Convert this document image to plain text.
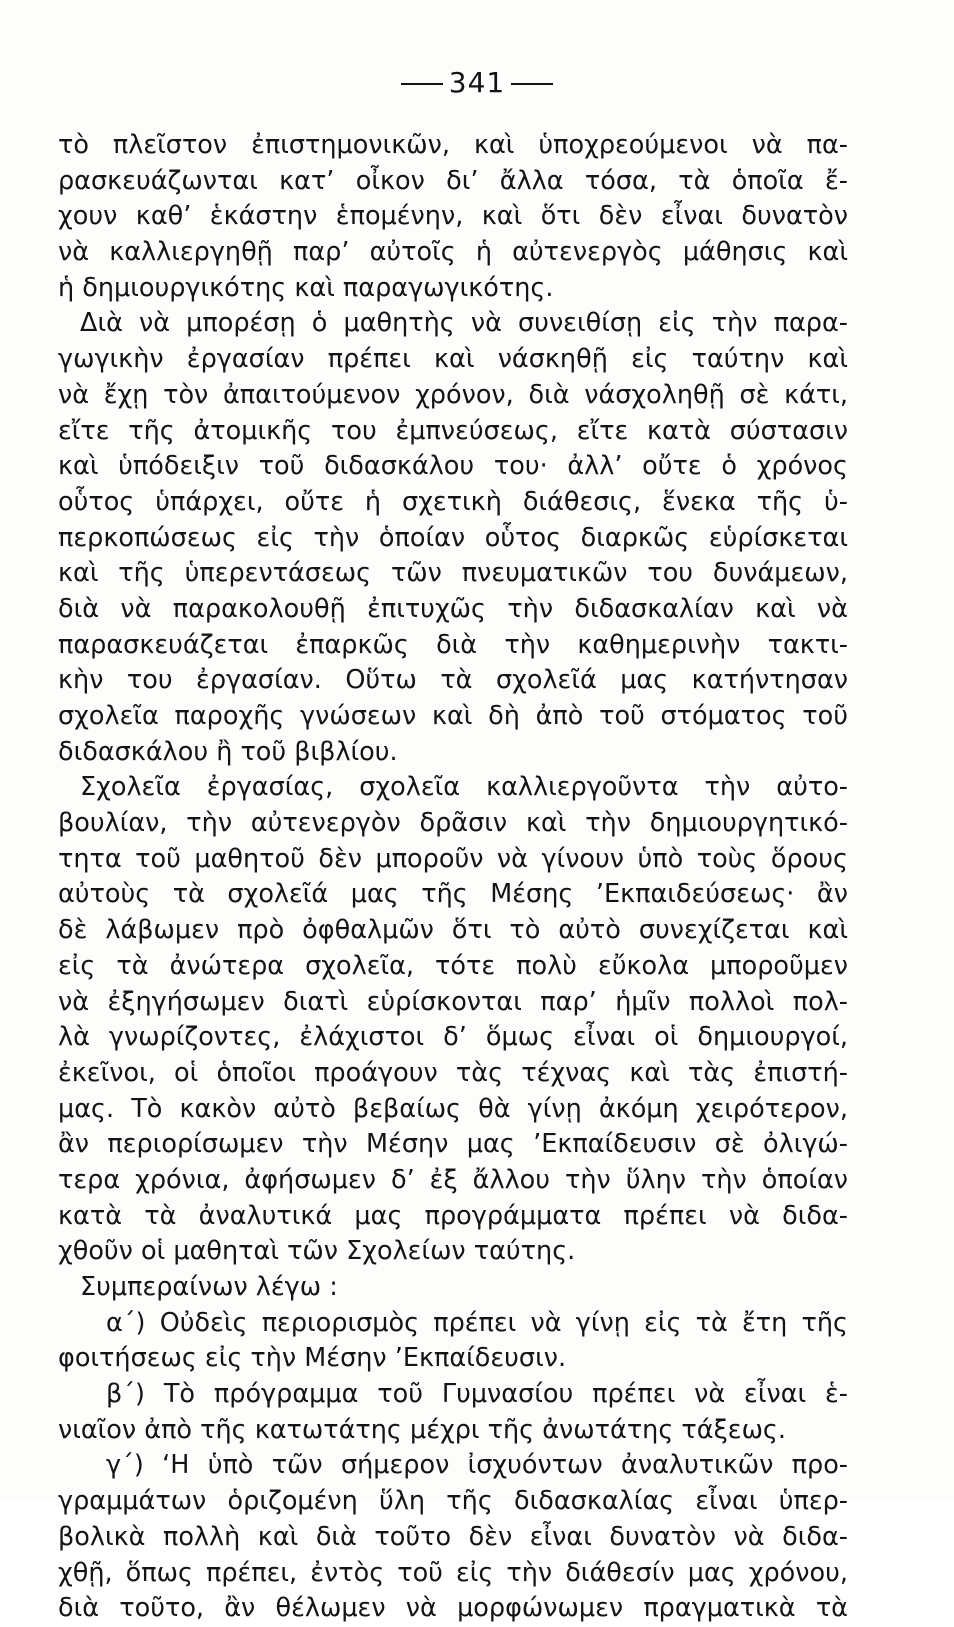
341
τὸ πλεῖστον ἐπιστημονικῶν, καὶ ὑποχρεούμενοι νὰ πα-
ρασκευάζωνται κατ’ οἶκον δι’ ἄλλα τόσα, τὰ ὁποῖα ἔ-
χουν καθ’ ἑκάστην ἑπομένην, καὶ ὅτι δὲν εἶναι δυνατὸν
νὰ καλλιεργηθῇ παρ’ αὐτοῖς ἡ αὐτενεργὸς μάθησις καὶ
ἡ δημιουργικότης καὶ παραγωγικότης.
Διὰ νὰ μπορέσῃ ὁ μαθητὴς νὰ συνειθίσῃ εἰς τὴν παρα-
γωγικὴν ἐργασίαν πρέπει καὶ νάσκηθῇ εἰς ταύτην καὶ
νὰ ἔχῃ τὸν ἀπαιτούμενον χρόνον, διὰ νάσχοληθῇ σὲ κάτι,
εἴτε τῆς ἀτομικῆς του ἐμπνεύσεως, εἴτε κατὰ σύστασιν
καὶ ὑπόδειξιν τοῦ διδασκάλου του· ἀλλ’ οὔτε ὁ χρόνος
οὗτος ὑπάρχει, οὔτε ἡ σχετικὴ διάθεσις, ἕνεκα τῆς ὑ-
περκοπώσεως εἰς τὴν ὁποίαν οὗτος διαρκῶς εὑρίσκεται
καὶ τῆς ὑπερεντάσεως τῶν πνευματικῶν του δυνάμεων,
διὰ νὰ παρακολουθῇ ἐπιτυχῶς τὴν διδασκαλίαν καὶ νὰ
παρασκευάζεται ἐπαρκῶς διὰ τὴν καθημερινὴν τακτι-
κὴν του ἐργασίαν. Οὕτω τὰ σχολεῖά μας κατήντησαν
σχολεῖα παροχῆς γνώσεων καὶ δὴ ἀπὸ τοῦ στόματος τοῦ
διδασκάλου ἢ τοῦ βιβλίου.
Σχολεῖα ἐργασίας, σχολεῖα καλλιεργοῦντα τὴν αὐτο-
βουλίαν, τὴν αὐτενεργὸν δρᾶσιν καὶ τὴν δημιουργητικό-
τητα τοῦ μαθητοῦ δὲν μποροῦν νὰ γίνουν ὑπὸ τοὺς ὅρους
αὐτοὺς τὰ σχολεῖά μας τῆς Μέσης ’Εκπαιδεύσεως· ἂν
δὲ λάβωμεν πρὸ ὀφθαλμῶν ὅτι τὸ αὐτὸ συνεχίζεται καὶ
εἰς τὰ ἀνώτερα σχολεῖα, τότε πολὺ εὔκολα μποροῦμεν
νὰ ἐξηγήσωμεν διατὶ εὑρίσκονται παρ’ ἡμῖν πολλοὶ πολ-
λὰ γνωρίζοντες, ἐλάχιστοι δ’ ὅμως εἶναι οἱ δημιουργοί,
ἐκεῖνοι, οἱ ὁποῖοι προάγουν τὰς τέχνας καὶ τὰς ἐπιστή-
μας. Τὸ κακὸν αὐτὸ βεβαίως θὰ γίνῃ ἀκόμη χειρότερον,
ἂν περιορίσωμεν τὴν Μέσην μας ’Εκπαίδευσιν σὲ ὀλιγώ-
τερα χρόνια, ἀφήσωμεν δ’ ἐξ ἄλλου τὴν ὕλην τὴν ὁποίαν
κατὰ τὰ ἀναλυτικά μας προγράμματα πρέπει νὰ διδα-
χθοῦν οἱ μαθηταὶ τῶν Σχολείων ταύτης.
Συμπεραίνων λέγω :
α΄) Οὐδεὶς περιορισμὸς πρέπει νὰ γίνῃ εἰς τὰ ἔτη τῆς
φοιτήσεως εἰς τὴν Μέσην ’Εκπαίδευσιν.
β΄) Τὸ πρόγραμμα τοῦ Γυμνασίου πρέπει νὰ εἶναι ἑ-
νιαῖον ἀπὸ τῆς κατωτάτης μέχρι τῆς ἀνωτάτης τάξεως.
γ΄) ‘Η ὑπὸ τῶν σήμερον ἰσχυόντων ἀναλυτικῶν προ-
γραμμάτων ὁριζομένη ὕλη τῆς διδασκαλίας εἶναι ὑπερ-
βολικὰ πολλὴ καὶ διὰ τοῦτο δὲν εἶναι δυνατὸν νὰ διδα-
χθῇ, ὅπως πρέπει, ἐντὸς τοῦ εἰς τὴν διάθεσίν μας χρόνου,
διὰ τοῦτο, ἂν θέλωμεν νὰ μορφώνωμεν πραγματικὰ τὰ
